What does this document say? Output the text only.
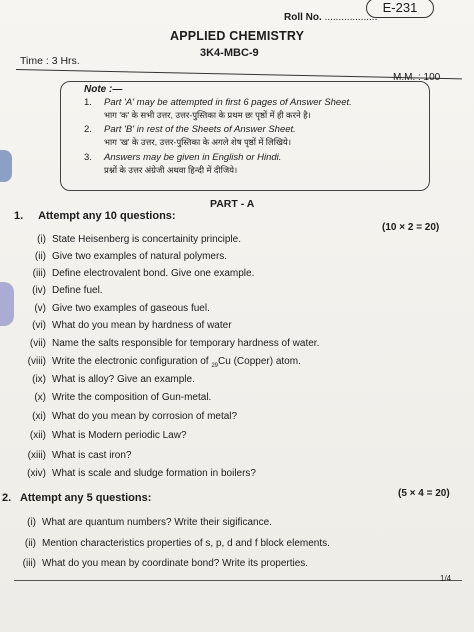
E-231
Roll No. ...................
APPLIED CHEMISTRY
3K4-MBC-9
Time : 3 Hrs.
M.M. : 100
Note :—
1. Part 'A' may be attempted in first 6 pages of Answer Sheet.
भाग 'क' के सभी उत्तर, उत्तर-पुस्तिका के प्रथम छः पृष्ठों में ही करने है।
2. Part 'B' in rest of the Sheets of Answer Sheet.
भाग 'ख' के उत्तर, उत्तर-पुस्तिका के अगले शेष पृष्ठों में लिखिये।
3. Answers may be given in English or Hindi.
प्रश्नों के उत्तर अंग्रेजी अथवा हिन्दी में दीजिये।
PART - A
1. Attempt any 10 questions:
(10 × 2 = 20)
(i) State Heisenberg is concertainity principle.
(ii) Give two examples of natural polymers.
(iii) Define electrovalent bond. Give one example.
(iv) Define fuel.
(v) Give two examples of gaseous fuel.
(vi) What do you mean by hardness of water
(vii) Name the salts responsible for temporary hardness of water.
(viii) Write the electronic configuration of $_{29}$Cu (Copper) atom.
(ix) What is alloy? Give an example.
(x) Write the composition of Gun-metal.
(xi) What do you mean by corrosion of metal?
(xii) What is Modern periodic Law?
(xiii) What is cast iron?
(xiv) What is scale and sludge formation in boilers?
2. Attempt any 5 questions:	(5 × 4 = 20)
(i) What are quantum numbers? Write their sigificance.
(ii) Mention characteristics properties of s, p, d and f block elements.
(iii) What do you mean by coordinate bond? Write its properties.
1/4
